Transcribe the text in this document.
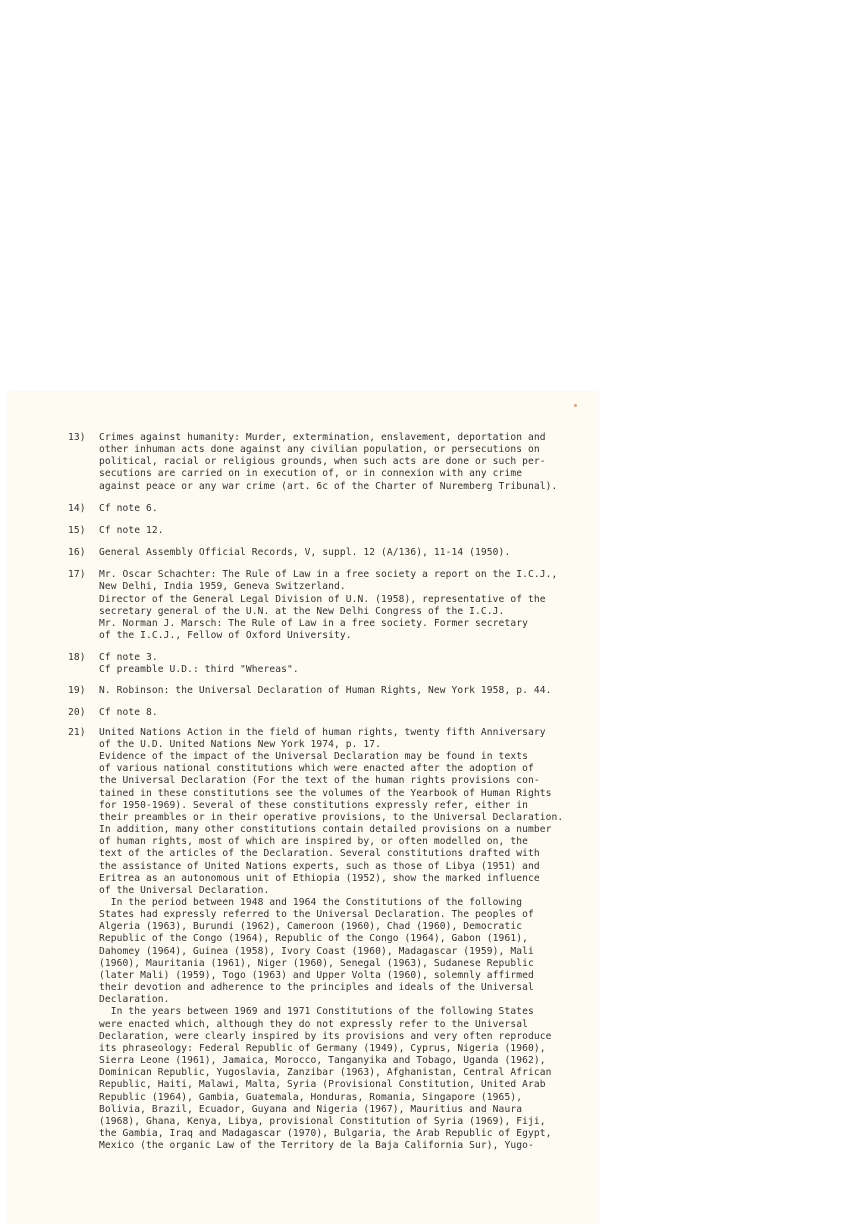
13)	Crimes against humanity: Murder, extermination, enslavement, deportation and
other inhuman acts done against any civilian population, or persecutions on
political, racial or religious grounds, when such acts are done or such per-
secutions are carried on in execution of, or in connexion with any crime
against peace or any war crime (art. 6c of the Charter of Nuremberg Tribunal).
14)	Cf note 6.
15)	Cf note 12.
16)	General Assembly Official Records, V, suppl. 12 (A/136), 11-14 (1950).
17)	Mr. Oscar Schachter: The Rule of Law in a free society a report on the I.C.J.,
New Delhi, India 1959, Geneva Switzerland.
Director of the General Legal Division of U.N. (1958), representative of the
secretary general of the U.N. at the New Delhi Congress of the I.C.J.
Mr. Norman J. Marsch: The Rule of Law in a free society. Former secretary
of the I.C.J., Fellow of Oxford University.
18)	Cf note 3.
Cf preamble U.D.: third "Whereas".
19)	N. Robinson: the Universal Declaration of Human Rights, New York 1958, p. 44.
20)	Cf note 8.
21)	United Nations Action in the field of human rights, twenty fifth Anniversary
of the U.D. United Nations New York 1974, p. 17.
Evidence of the impact of the Universal Declaration may be found in texts
of various national constitutions which were enacted after the adoption of
the Universal Declaration (For the text of the human rights provisions con-
tained in these constitutions see the volumes of the Yearbook of Human Rights
for 1950-1969). Several of these constitutions expressly refer, either in
their preambles or in their operative provisions, to the Universal Declaration.
In addition, many other constitutions contain detailed provisions on a number
of human rights, most of which are inspired by, or often modelled on, the
text of the articles of the Declaration. Several constitutions drafted with
the assistance of United Nations experts, such as those of Libya (1951) and
Eritrea as an autonomous unit of Ethiopia (1952), show the marked influence
of the Universal Declaration.
In the period between 1948 and 1964 the Constitutions of the following
States had expressly referred to the Universal Declaration. The peoples of
Algeria (1963), Burundi (1962), Cameroon (1960), Chad (1960), Democratic
Republic of the Congo (1964), Republic of the Congo (1964), Gabon (1961),
Dahomey (1964), Guinea (1958), Ivory Coast (1960), Madagascar (1959), Mali
(1960), Mauritania (1961), Niger (1960), Senegal (1963), Sudanese Republic
(later Mali) (1959), Togo (1963) and Upper Volta (1960), solemnly affirmed
their devotion and adherence to the principles and ideals of the Universal
Declaration.
In the years between 1969 and 1971 Constitutions of the following States
were enacted which, although they do not expressly refer to the Universal
Declaration, were clearly inspired by its provisions and very often reproduce
its phraseology: Federal Republic of Germany (1949), Cyprus, Nigeria (1960),
Sierra Leone (1961), Jamaica, Morocco, Tanganyika and Tobago, Uganda (1962),
Dominican Republic, Yugoslavia, Zanzibar (1963), Afghanistan, Central African
Republic, Haiti, Malawi, Malta, Syria (Provisional Constitution, United Arab
Republic (1964), Gambia, Guatemala, Honduras, Romania, Singapore (1965),
Bolivia, Brazil, Ecuador, Guyana and Nigeria (1967), Mauritius and Naura
(1968), Ghana, Kenya, Libya, provisional Constitution of Syria (1969), Fiji,
the Gambia, Iraq and Madagascar (1970), Bulgaria, the Arab Republic of Egypt,
Mexico (the organic Law of the Territory de la Baja California Sur), Yugo-
